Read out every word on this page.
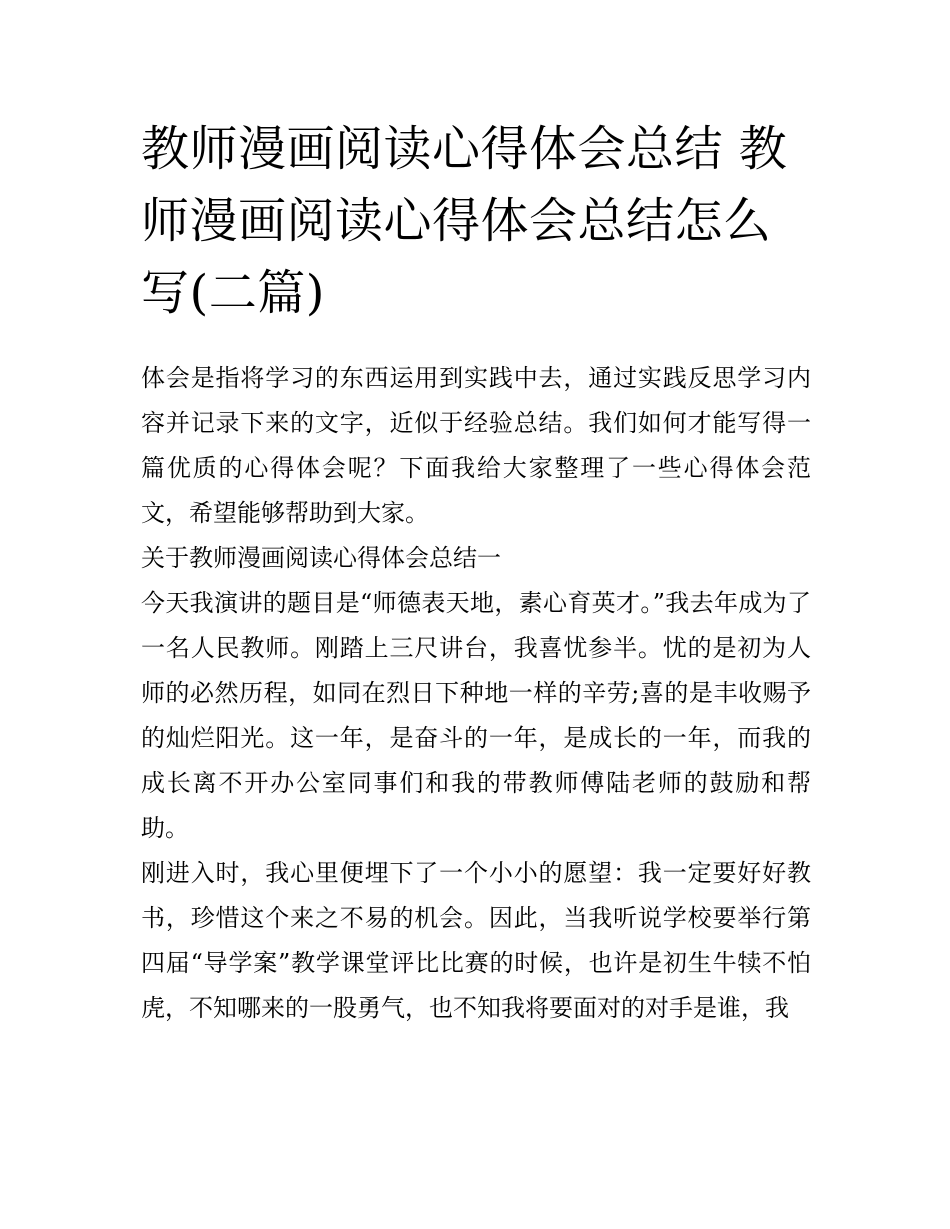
教师漫画阅读心得体会总结 教师漫画阅读心得体会总结怎么写(二篇)

体会是指将学习的东西运用到实践中去，通过实践反思学习内容并记录下来的文字，近似于经验总结。我们如何才能写得一篇优质的心得体会呢？下面我给大家整理了一些心得体会范文，希望能够帮助到大家。

关于教师漫画阅读心得体会总结一

今天我演讲的题目是“师德表天地，素心育英才。”我去年成为了一名人民教师。刚踏上三尺讲台，我喜忧参半。忧的是初为人师的必然历程，如同在烈日下种地一样的辛劳;喜的是丰收赐予的灿烂阳光。这一年，是奋斗的一年，是成长的一年，而我的成长离不开办公室同事们和我的带教师傅陆老师的鼓励和帮助。

刚进入时，我心里便埋下了一个小小的愿望：我一定要好好教书，珍惜这个来之不易的机会。因此，当我听说学校要举行第四届“导学案”教学课堂评比比赛的时候，也许是初生牛犊不怕虎，不知哪来的一股勇气，也不知我将要面对的对手是谁，我
